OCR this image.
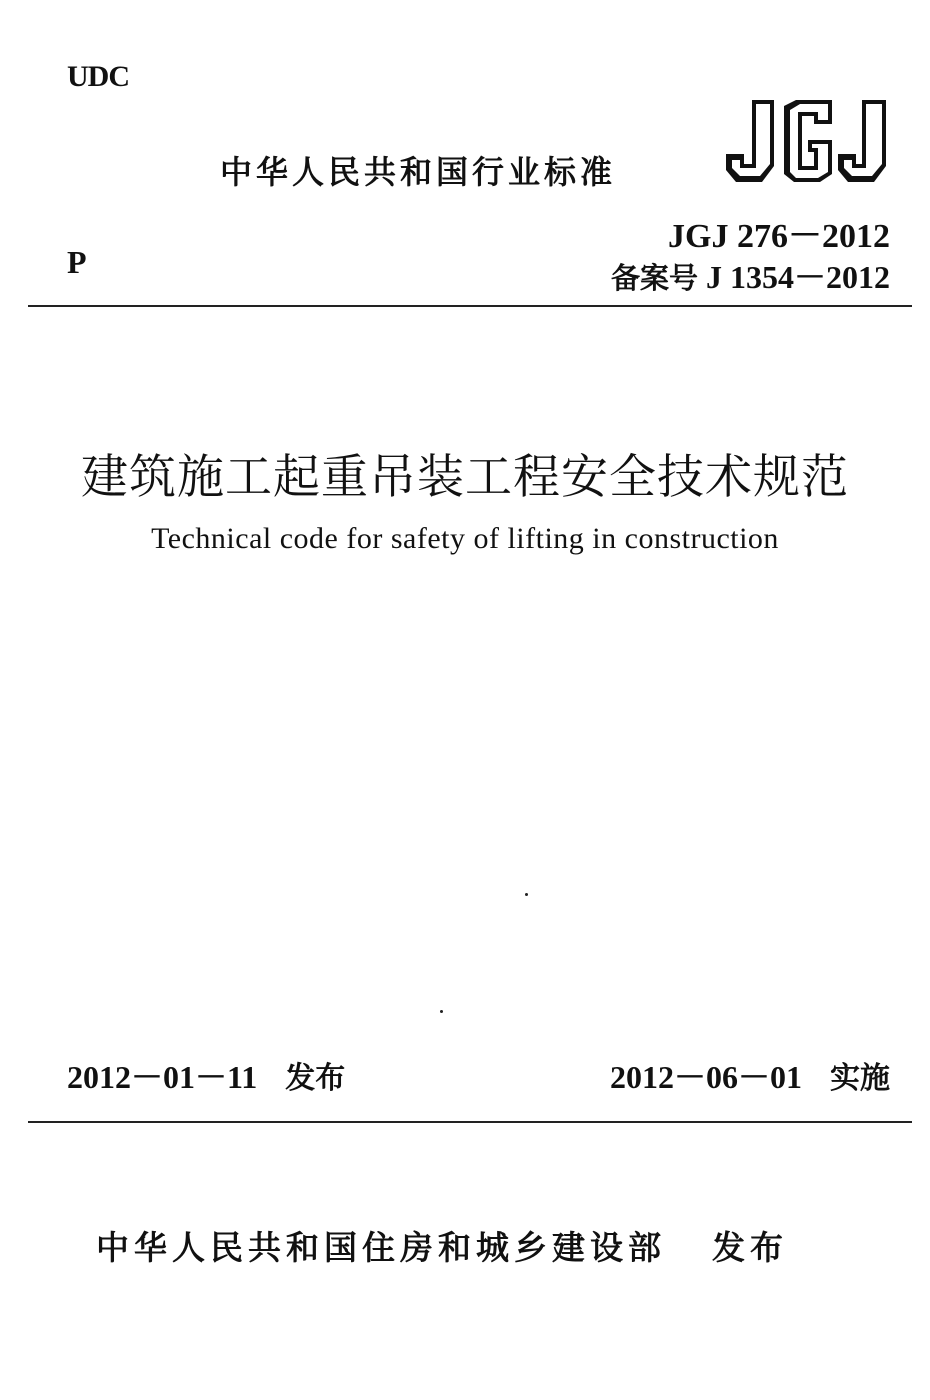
UDC
中华人民共和国行业标准
JGJ 276－2012
备案号 J 1354－2012
P
建筑施工起重吊装工程安全技术规范
Technical code for safety of lifting in construction
2012－01－11 发布	2012－06－01 实施
中华人民共和国住房和城乡建设部 发布
